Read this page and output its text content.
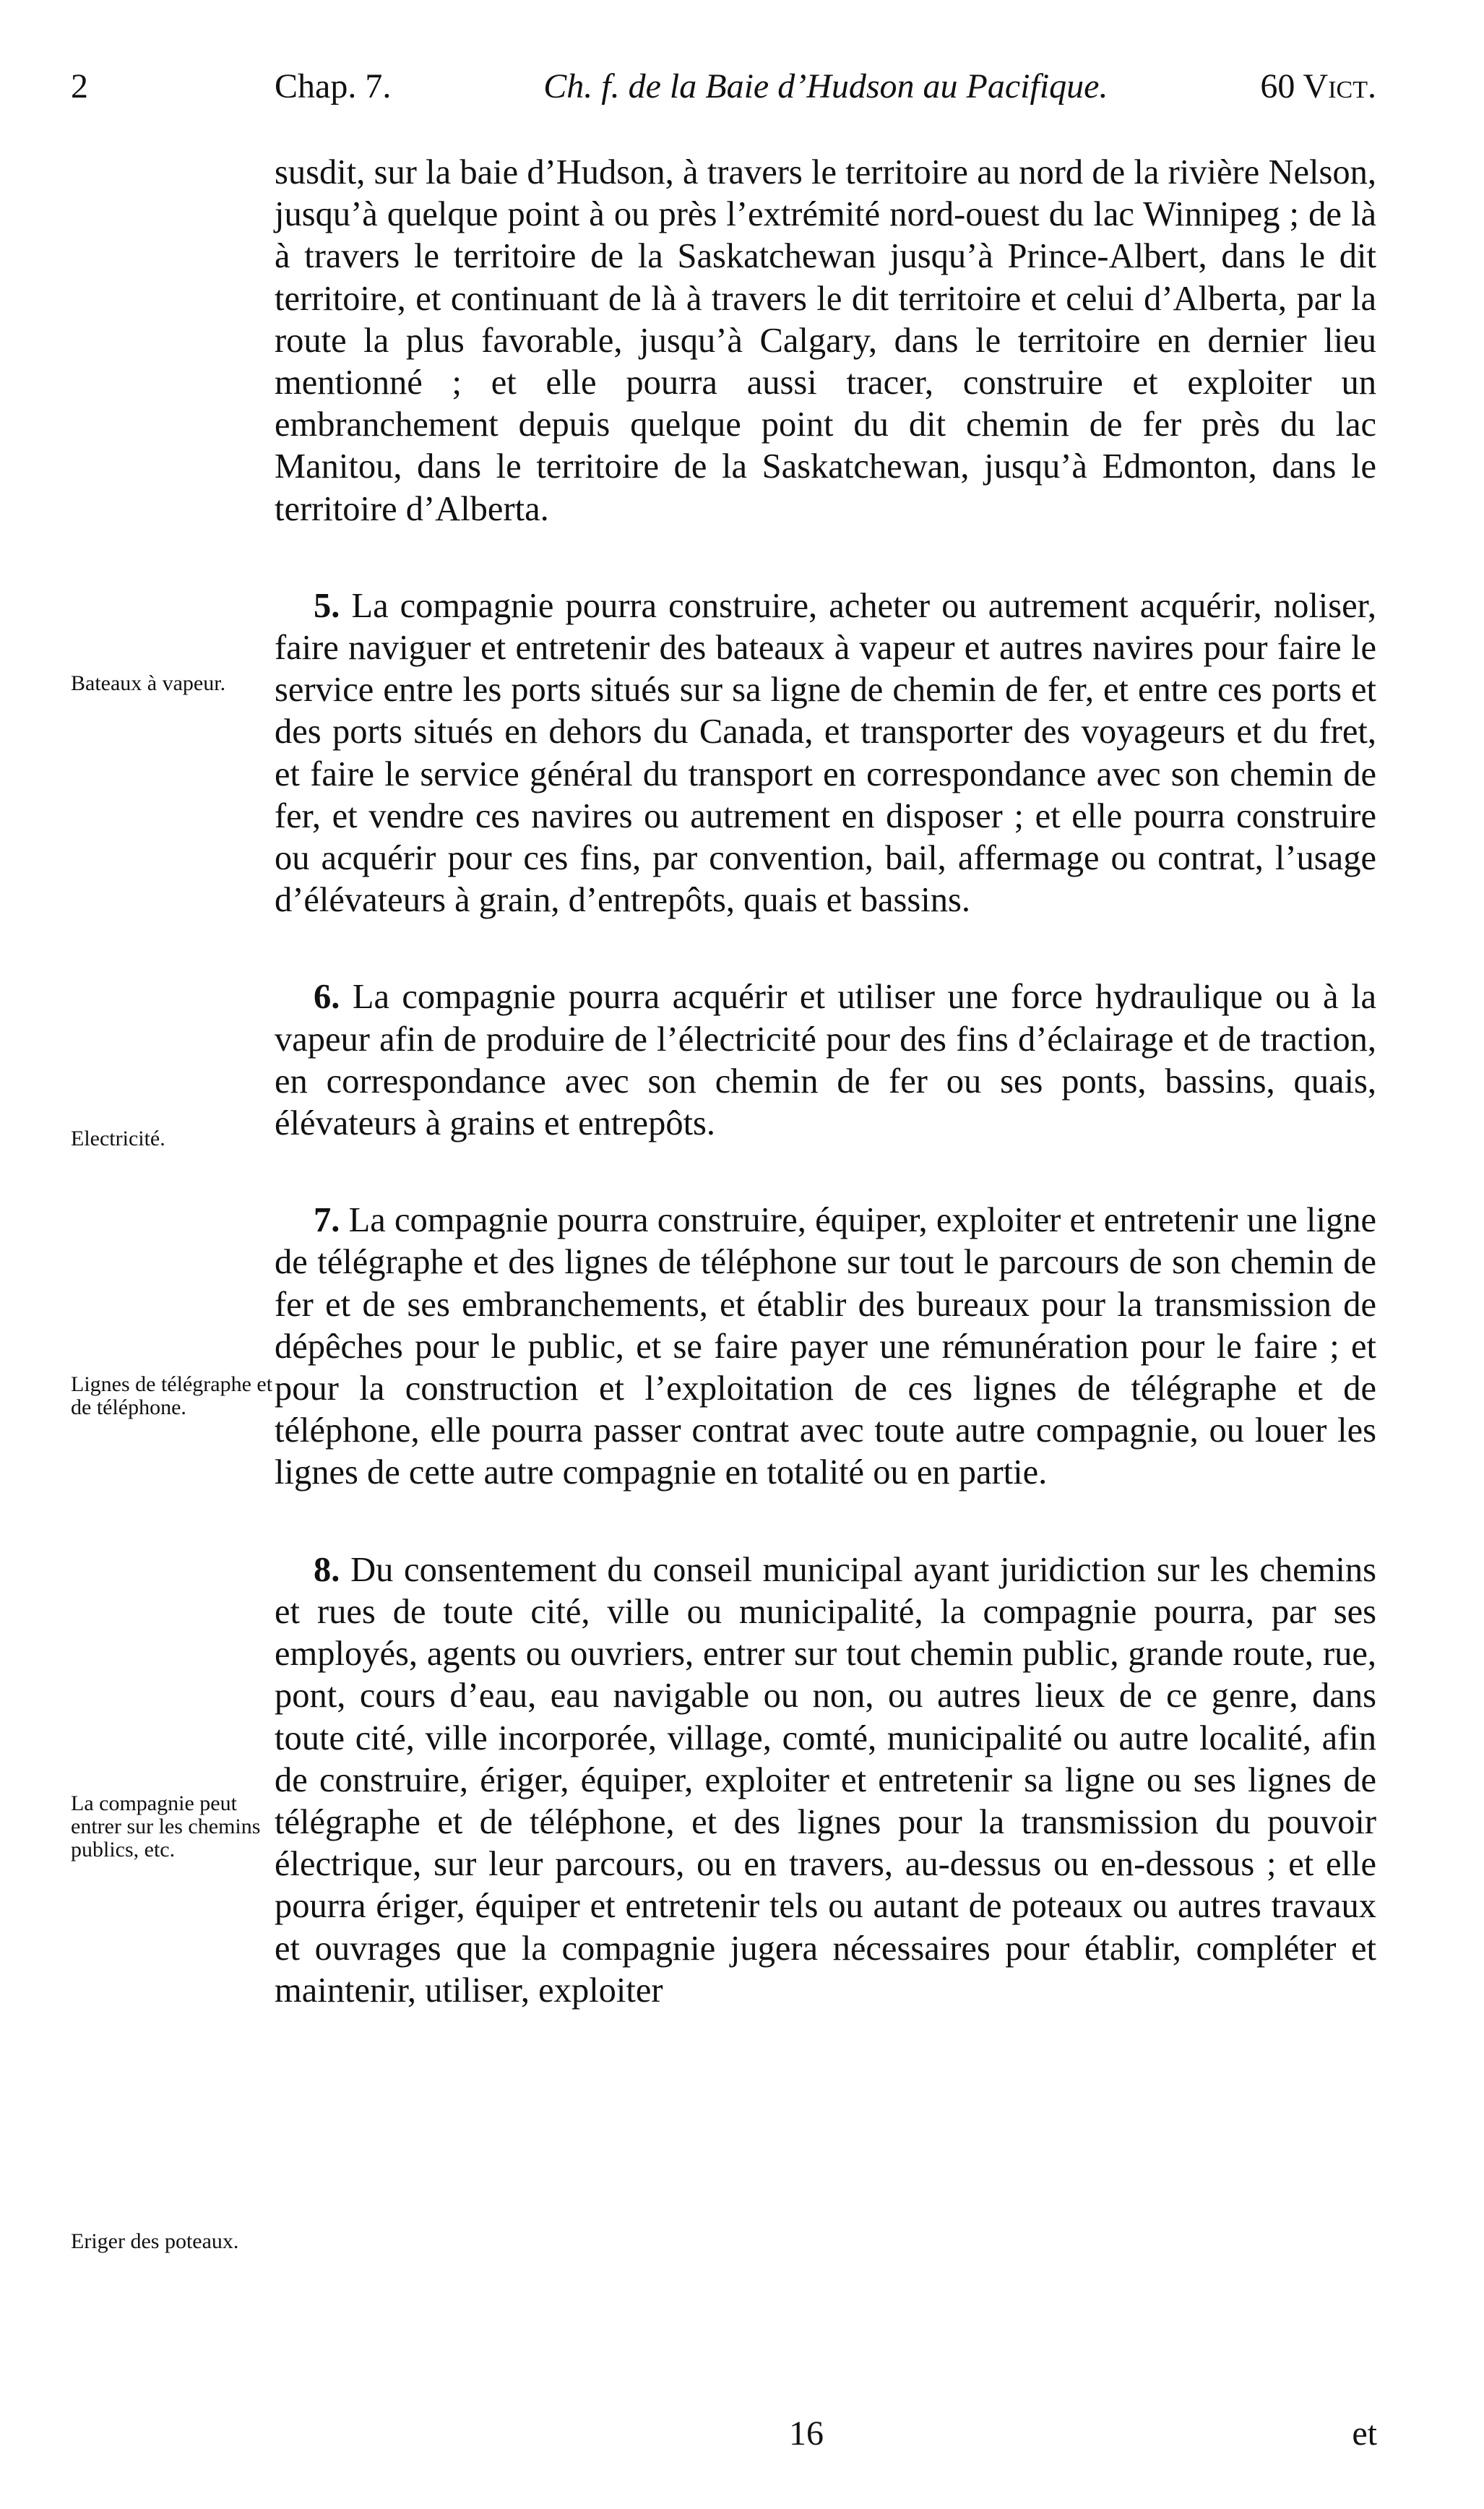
2	Chap. 7.	Ch. f. de la Baie d’Hudson au Pacifique.	60 Vict.
Bateaux à vapeur.
Electricité.
Lignes de télégraphe et de téléphone.
La compagnie peut entrer sur les chemins publics, etc.
Eriger des poteaux.

susdit, sur la baie d’Hudson, à travers le territoire au nord de la rivière Nelson, jusqu’à quelque point à ou près l’extrémité nord-ouest du lac Winnipeg ; de là à travers le territoire de la Saskatchewan jusqu’à Prince-Albert, dans le dit territoire, et continuant de là à travers le dit territoire et celui d’Alberta, par la route la plus favorable, jusqu’à Calgary, dans le territoire en dernier lieu mentionné ; et elle pourra aussi tracer, construire et exploiter un embranchement depuis quelque point du dit chemin de fer près du lac Manitou, dans le territoire de la Saskatchewan, jusqu’à Edmonton, dans le territoire d’Alberta.

5. La compagnie pourra construire, acheter ou autrement acquérir, noliser, faire naviguer et entretenir des bateaux à vapeur et autres navires pour faire le service entre les ports situés sur sa ligne de chemin de fer, et entre ces ports et des ports situés en dehors du Canada, et transporter des voyageurs et du fret, et faire le service général du transport en correspondance avec son chemin de fer, et vendre ces navires ou autrement en disposer ; et elle pourra construire ou acquérir pour ces fins, par convention, bail, affermage ou contrat, l’usage d’élévateurs à grain, d’entrepôts, quais et bassins.

6. La compagnie pourra acquérir et utiliser une force hydraulique ou à la vapeur afin de produire de l’électricité pour des fins d’éclairage et de traction, en correspondance avec son chemin de fer ou ses ponts, bassins, quais, élévateurs à grains et entrepôts.

7. La compagnie pourra construire, équiper, exploiter et entretenir une ligne de télégraphe et des lignes de téléphone sur tout le parcours de son chemin de fer et de ses embranchements, et établir des bureaux pour la transmission de dépêches pour le public, et se faire payer une rémunération pour le faire ; et pour la construction et l’exploitation de ces lignes de télégraphe et de téléphone, elle pourra passer contrat avec toute autre compagnie, ou louer les lignes de cette autre compagnie en totalité ou en partie.

8. Du consentement du conseil municipal ayant juridiction sur les chemins et rues de toute cité, ville ou municipalité, la compagnie pourra, par ses employés, agents ou ouvriers, entrer sur tout chemin public, grande route, rue, pont, cours d’eau, eau navigable ou non, ou autres lieux de ce genre, dans toute cité, ville incorporée, village, comté, municipalité ou autre localité, afin de construire, ériger, équiper, exploiter et entretenir sa ligne ou ses lignes de télégraphe et de téléphone, et des lignes pour la transmission du pouvoir électrique, sur leur parcours, ou en travers, au-dessus ou en-dessous ; et elle pourra ériger, équiper et entretenir tels ou autant de poteaux ou autres travaux et ouvrages que la compagnie jugera nécessaires pour établir, compléter et maintenir, utiliser, exploiter

16	et
